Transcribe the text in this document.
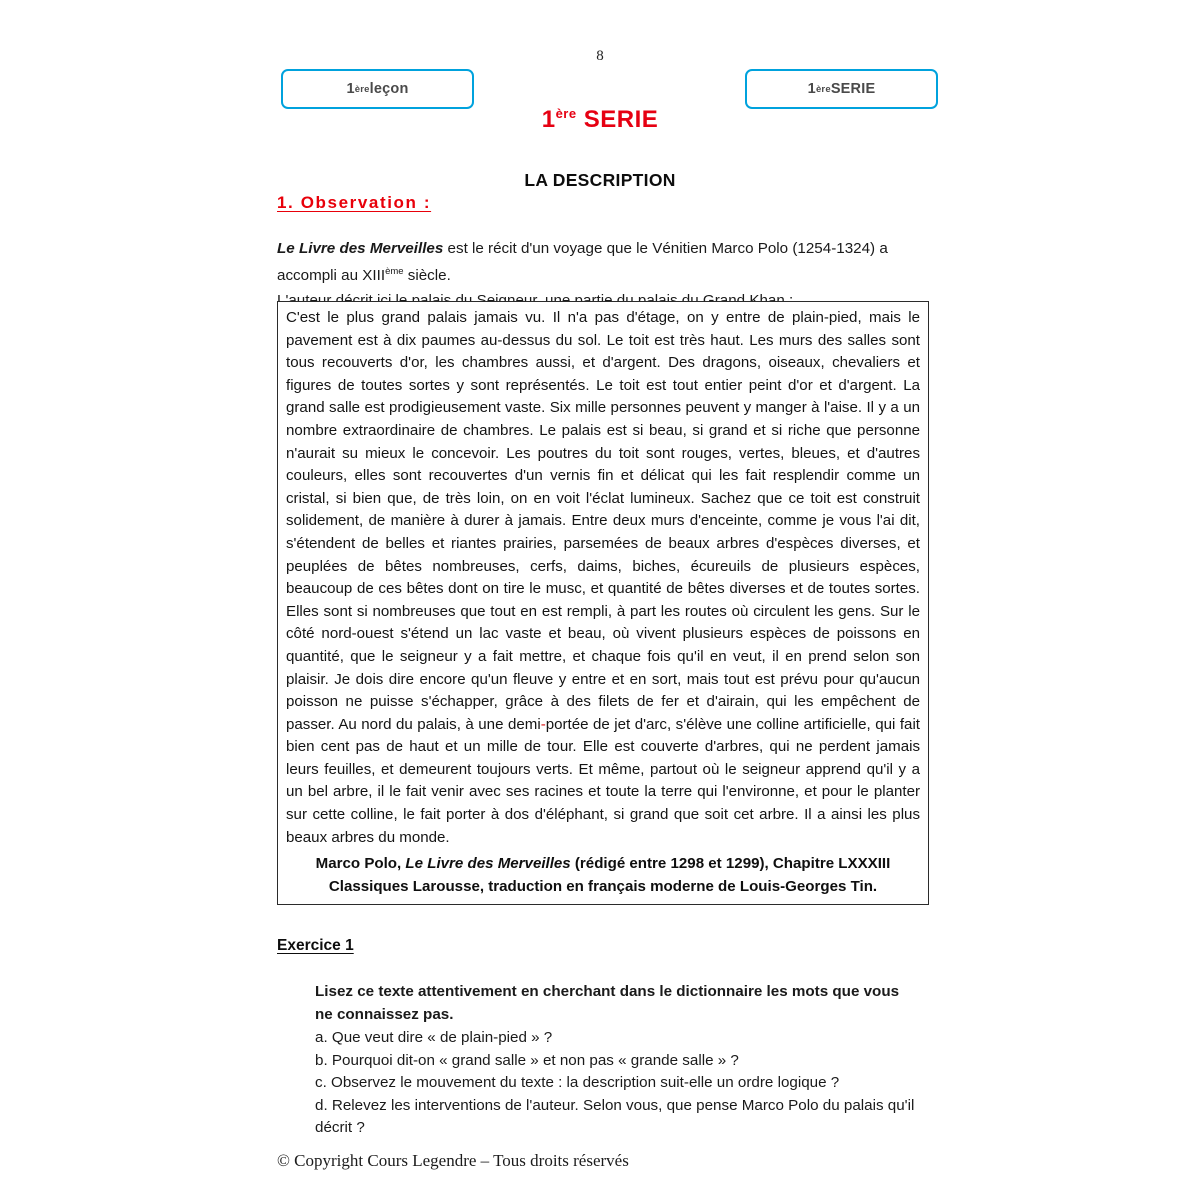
8
1 ère leçon	1 ère SERIE
1ère SERIE
LA DESCRIPTION
1. Observation :
Le Livre des Merveilles est le récit d'un voyage que le Vénitien Marco Polo (1254-1324) a
accompli au XIIIème siècle.
C'est le plus grand palais jamais vu. Il n'a pas d'étage, on y entre de plain-pied, mais le pavement est à dix paumes au-dessus du sol. Le toit est très haut. Les murs des salles sont tous recouverts d'or, les chambres aussi, et d'argent. Des dragons, oiseaux, chevaliers et figures de toutes sortes y sont représentés. Le toit est tout entier peint d'or et d'argent. La grand salle est prodigieusement vaste. Six mille personnes peuvent y manger à l'aise. Il y a un nombre extraordinaire de chambres. Le palais est si beau, si grand et si riche que personne n'aurait su mieux le concevoir. Les poutres du toit sont rouges, vertes, bleues, et d'autres couleurs, elles sont recouvertes d'un vernis fin et délicat qui les fait resplendir comme un cristal, si bien que, de très loin, on en voit l'éclat lumineux. Sachez que ce toit est construit solidement, de manière à durer à jamais. Entre deux murs d'enceinte, comme je vous l'ai dit, s'étendent de belles et riantes prairies, parsemées de beaux arbres d'espèces diverses, et peuplées de bêtes nombreuses, cerfs, daims, biches, écureuils de plusieurs espèces, beaucoup de ces bêtes dont on tire le musc, et quantité de bêtes diverses et de toutes sortes. Elles sont si nombreuses que tout en est rempli, à part les routes où circulent les gens. Sur le côté nord-ouest s'étend un lac vaste et beau, où vivent plusieurs espèces de poissons en quantité, que le seigneur y a fait mettre, et chaque fois qu'il en veut, il en prend selon son plaisir. Je dois dire encore qu'un fleuve y entre et en sort, mais tout est prévu pour qu'aucun poisson ne puisse s'échapper, grâce à des filets de fer et d'airain, qui les empêchent de passer. Au nord du palais, à une demi-portée de jet d'arc, s'élève une colline artificielle, qui fait bien cent pas de haut et un mille de tour. Elle est couverte d'arbres, qui ne perdent jamais leurs feuilles, et demeurent toujours verts. Et même, partout où le seigneur apprend qu'il y a un bel arbre, il le fait venir avec ses racines et toute la terre qui l'environne, et pour le planter sur cette colline, le fait porter à dos d'éléphant, si grand que soit cet arbre. Il a ainsi les plus beaux arbres du monde.
Marco Polo, Le Livre des Merveilles (rédigé entre 1298 et 1299), Chapitre LXXXIII
Classiques Larousse, traduction en français moderne de Louis-Georges Tin.
Exercice 1
Lisez ce texte attentivement en cherchant dans le dictionnaire les mots que vous ne connaissez pas.
a. Que veut dire « de plain-pied » ?
b. Pourquoi dit-on « grand salle » et non pas « grande salle » ?
c. Observez le mouvement du texte : la description suit-elle un ordre logique ?
d. Relevez les interventions de l'auteur. Selon vous, que pense Marco Polo du palais qu'il décrit ?
© Copyright Cours Legendre – Tous droits réservés
